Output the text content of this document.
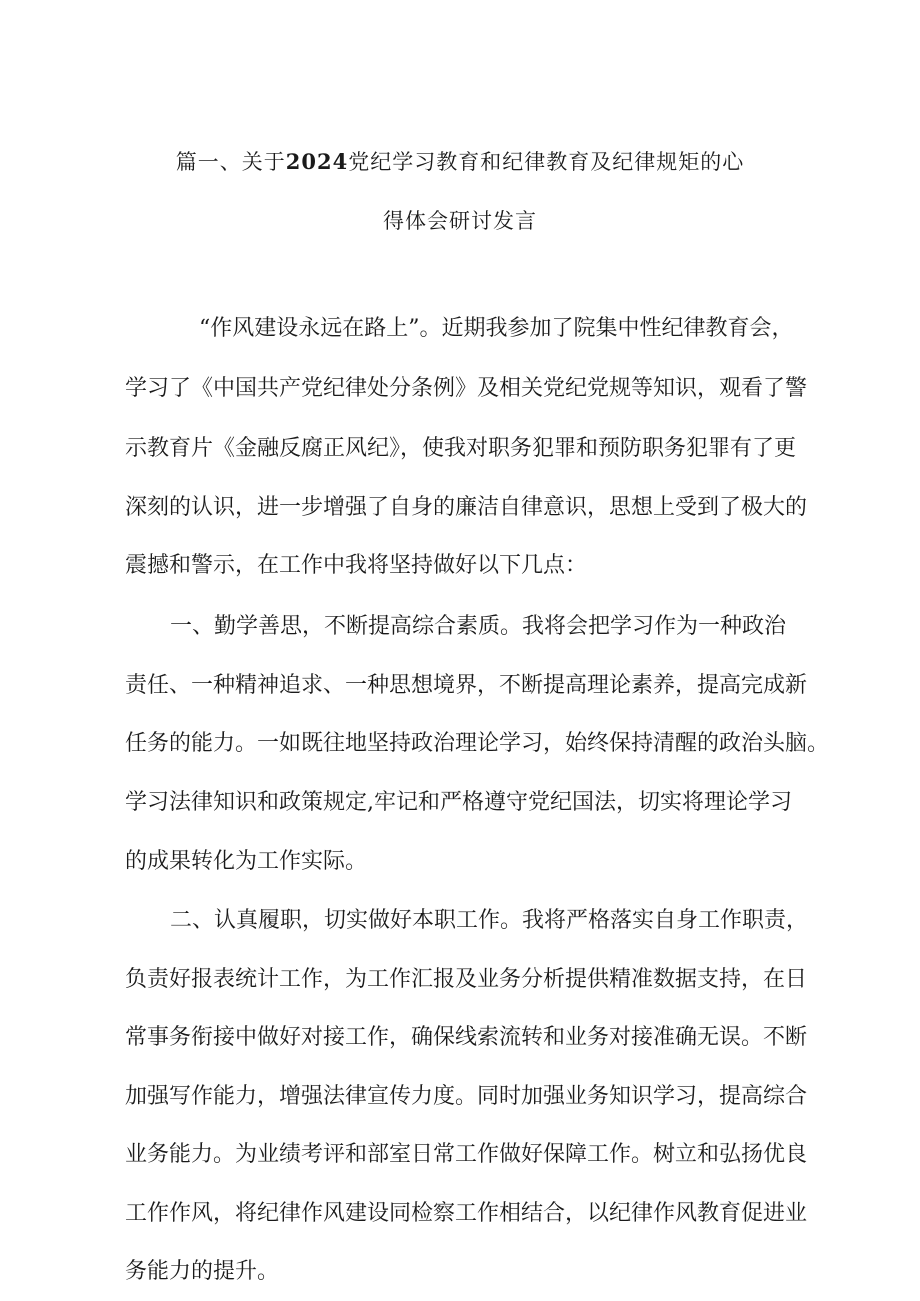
篇一、关于2024党纪学习教育和纪律教育及纪律规矩的心
得体会研讨发言
“作风建设永远在路上”。近期我参加了院集中性纪律教育会，
学习了《中国共产党纪律处分条例》及相关党纪党规等知识，观看了警
示教育片《金融反腐正风纪》，使我对职务犯罪和预防职务犯罪有了更
深刻的认识，进一步增强了自身的廉洁自律意识，思想上受到了极大的
震撼和警示，在工作中我将坚持做好以下几点：
一、勤学善思，不断提高综合素质。我将会把学习作为一种政治
责任、一种精神追求、一种思想境界，不断提高理论素养，提高完成新
任务的能力。一如既往地坚持政治理论学习，始终保持清醒的政治头脑。
学习法律知识和政策规定,牢记和严格遵守党纪国法，切实将理论学习
的成果转化为工作实际。
二、认真履职，切实做好本职工作。我将严格落实自身工作职责，
负责好报表统计工作，为工作汇报及业务分析提供精准数据支持，在日
常事务衔接中做好对接工作，确保线索流转和业务对接准确无误。不断
加强写作能力，增强法律宣传力度。同时加强业务知识学习，提高综合
业务能力。为业绩考评和部室日常工作做好保障工作。树立和弘扬优良
工作作风，将纪律作风建设同检察工作相结合，以纪律作风教育促进业
务能力的提升。
